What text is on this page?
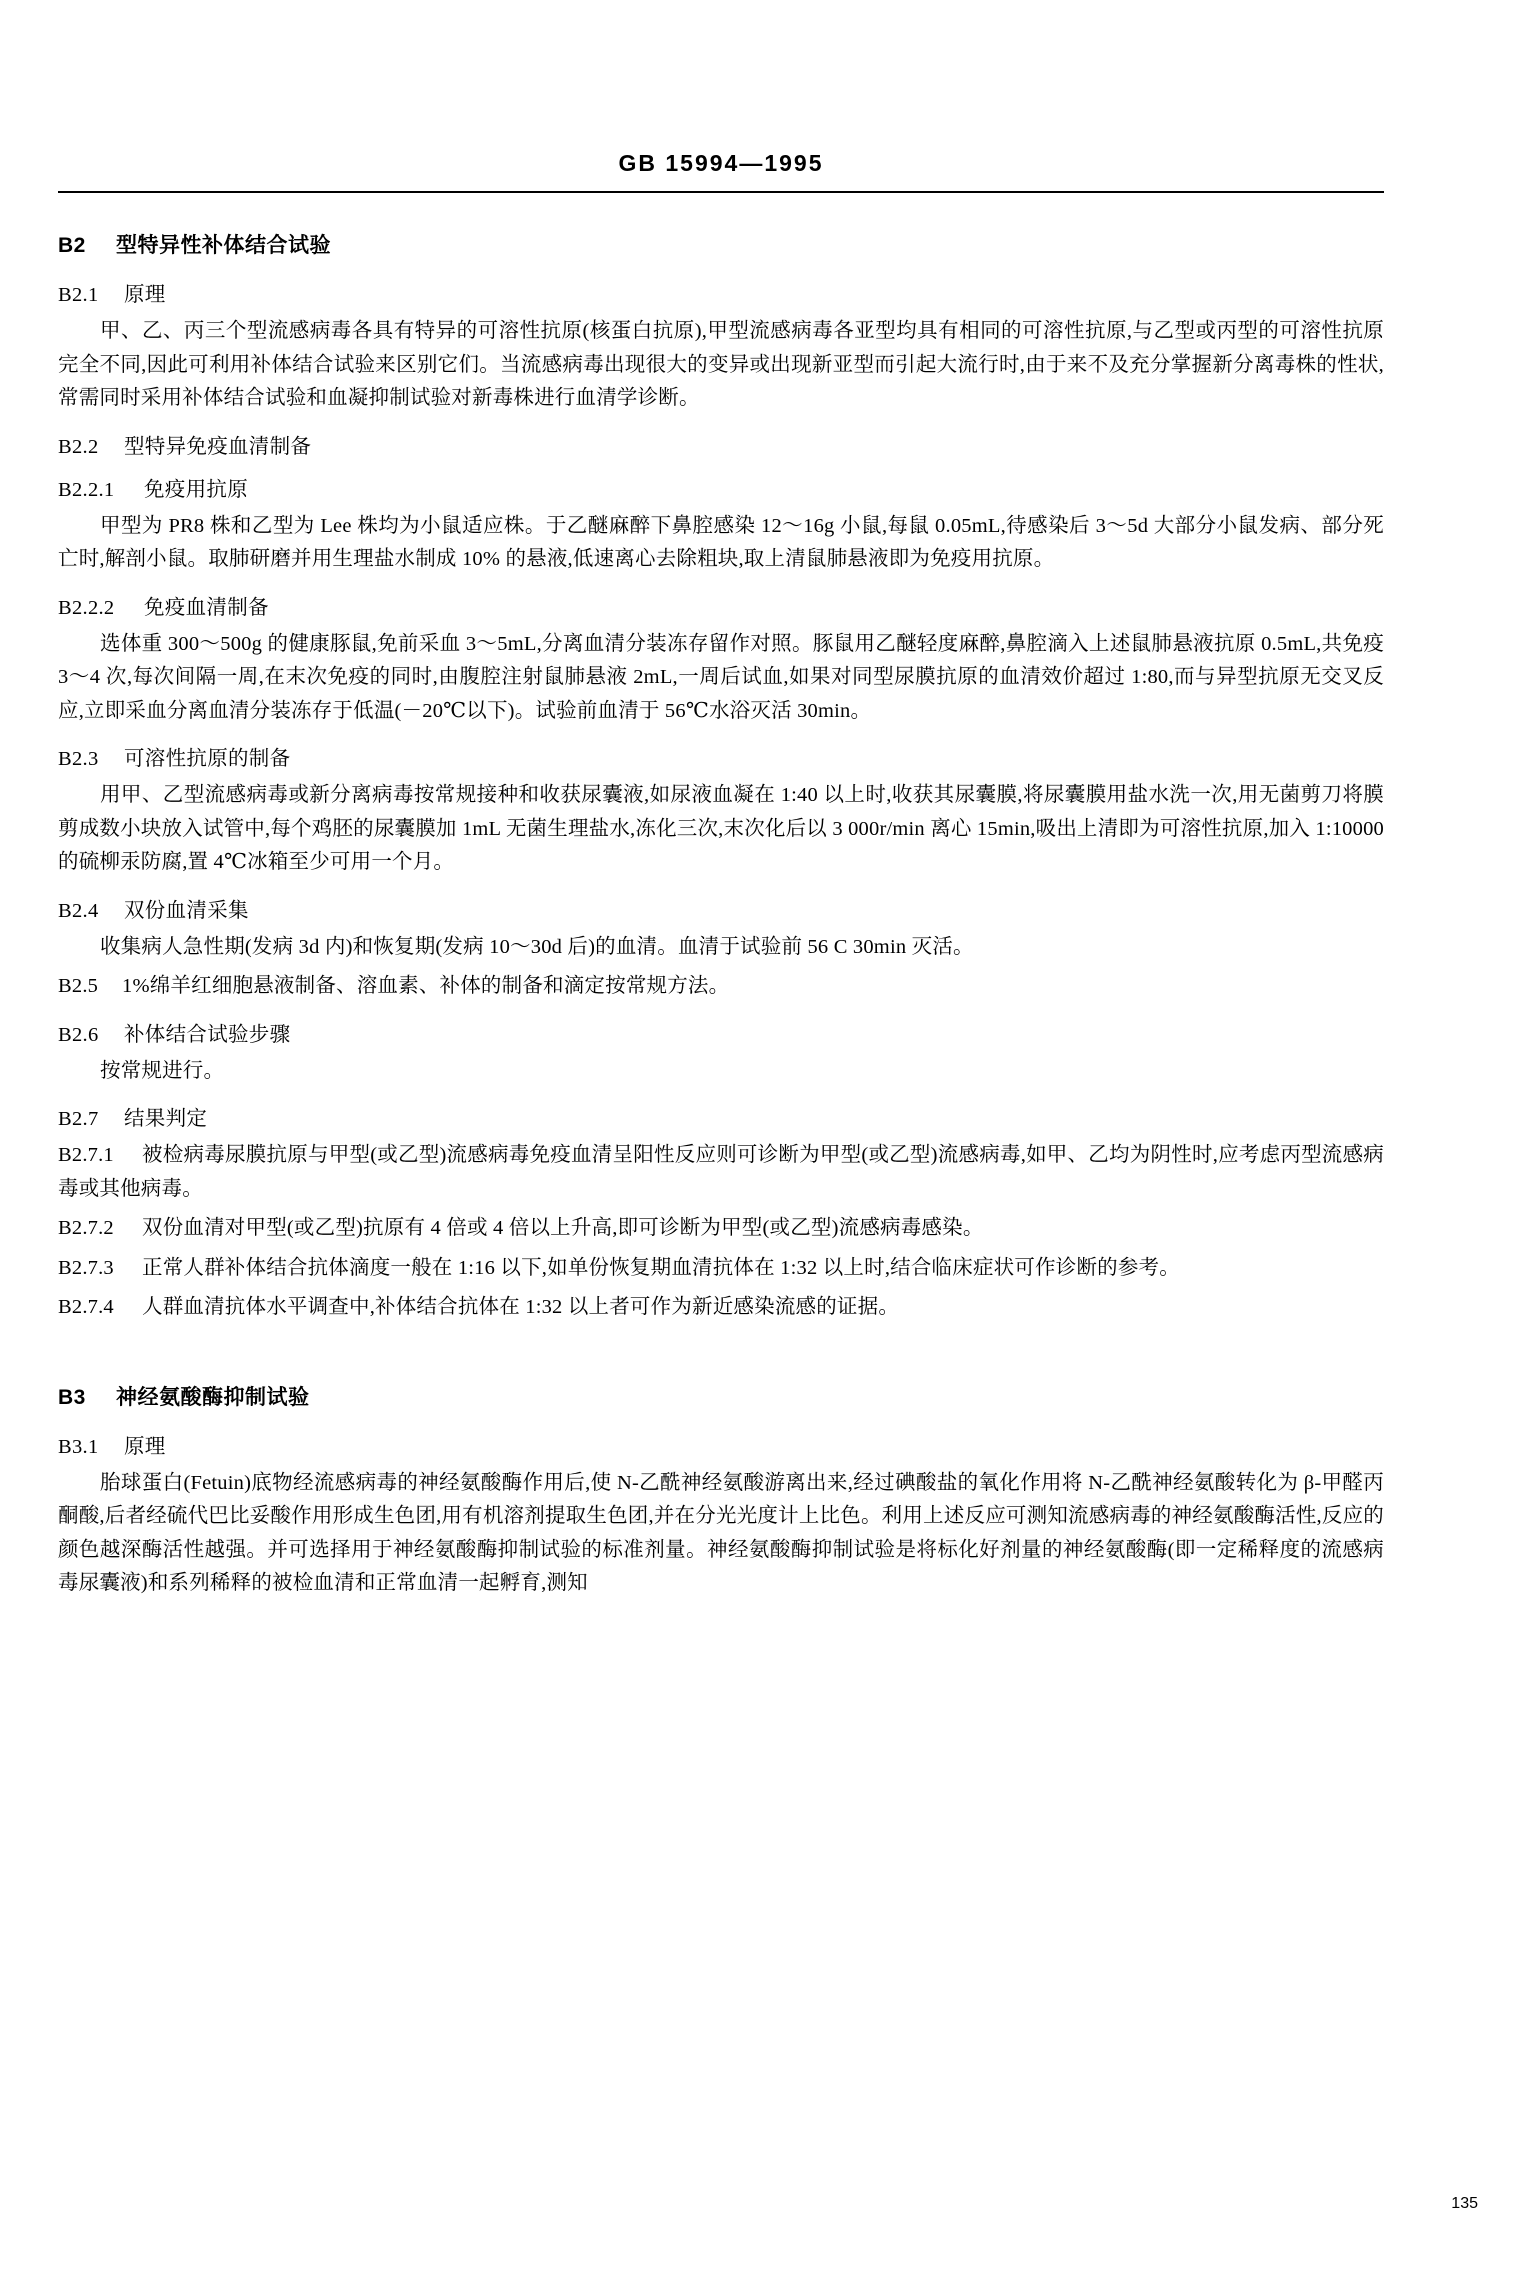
GB 15994—1995
B2 型特异性补体结合试验
B2.1 原理

甲、乙、丙三个型流感病毒各具有特异的可溶性抗原(核蛋白抗原),甲型流感病毒各亚型均具有相同的可溶性抗原,与乙型或丙型的可溶性抗原完全不同,因此可利用补体结合试验来区别它们。当流感病毒出现很大的变异或出现新亚型而引起大流行时,由于来不及充分掌握新分离毒株的性状,常需同时采用补体结合试验和血凝抑制试验对新毒株进行血清学诊断。

B2.2 型特异免疫血清制备
B2.2.1 免疫用抗原

甲型为 PR8 株和乙型为 Lee 株均为小鼠适应株。于乙醚麻醉下鼻腔感染 12～16g 小鼠,每鼠 0.05mL,待感染后 3～5d 大部分小鼠发病、部分死亡时,解剖小鼠。取肺研磨并用生理盐水制成 10% 的悬液,低速离心去除粗块,取上清鼠肺悬液即为免疫用抗原。

B2.2.2 免疫血清制备

选体重 300～500g 的健康豚鼠,免前采血 3～5mL,分离血清分装冻存留作对照。豚鼠用乙醚轻度麻醉,鼻腔滴入上述鼠肺悬液抗原 0.5mL,共免疫 3～4 次,每次间隔一周,在末次免疫的同时,由腹腔注射鼠肺悬液 2mL,一周后试血,如果对同型尿膜抗原的血清效价超过 1:80,而与异型抗原无交叉反应,立即采血分离血清分装冻存于低温(－20℃以下)。试验前血清于 56℃水浴灭活 30min。

B2.3 可溶性抗原的制备

用甲、乙型流感病毒或新分离病毒按常规接种和收获尿囊液,如尿液血凝在 1:40 以上时,收获其尿囊膜,将尿囊膜用盐水洗一次,用无菌剪刀将膜剪成数小块放入试管中,每个鸡胚的尿囊膜加 1mL 无菌生理盐水,冻化三次,末次化后以 3 000r/min 离心 15min,吸出上清即为可溶性抗原,加入 1:10000 的硫柳汞防腐,置 4℃冰箱至少可用一个月。

B2.4 双份血清采集

收集病人急性期(发病 3d 内)和恢复期(发病 10～30d 后)的血清。血清于试验前 56 C 30min 灭活。

B2.5 1%绵羊红细胞悬液制备、溶血素、补体的制备和滴定按常规方法。
B2.6 补体结合试验步骤

按常规进行。

B2.7 结果判定
B2.7.1 被检病毒尿膜抗原与甲型(或乙型)流感病毒免疫血清呈阳性反应则可诊断为甲型(或乙型)流感病毒,如甲、乙均为阴性时,应考虑丙型流感病毒或其他病毒。
B2.7.2 双份血清对甲型(或乙型)抗原有 4 倍或 4 倍以上升高,即可诊断为甲型(或乙型)流感病毒感染。
B2.7.3 正常人群补体结合抗体滴度一般在 1:16 以下,如单份恢复期血清抗体在 1:32 以上时,结合临床症状可作诊断的参考。
B2.7.4 人群血清抗体水平调查中,补体结合抗体在 1:32 以上者可作为新近感染流感的证据。
B3 神经氨酸酶抑制试验
B3.1 原理

胎球蛋白(Fetuin)底物经流感病毒的神经氨酸酶作用后,使 N-乙酰神经氨酸游离出来,经过碘酸盐的氧化作用将 N-乙酰神经氨酸转化为 β-甲醛丙酮酸,后者经硫代巴比妥酸作用形成生色团,用有机溶剂提取生色团,并在分光光度计上比色。利用上述反应可测知流感病毒的神经氨酸酶活性,反应的颜色越深酶活性越强。并可选择用于神经氨酸酶抑制试验的标准剂量。神经氨酸酶抑制试验是将标化好剂量的神经氨酸酶(即一定稀释度的流感病毒尿囊液)和系列稀释的被检血清和正常血清一起孵育,测知

135
